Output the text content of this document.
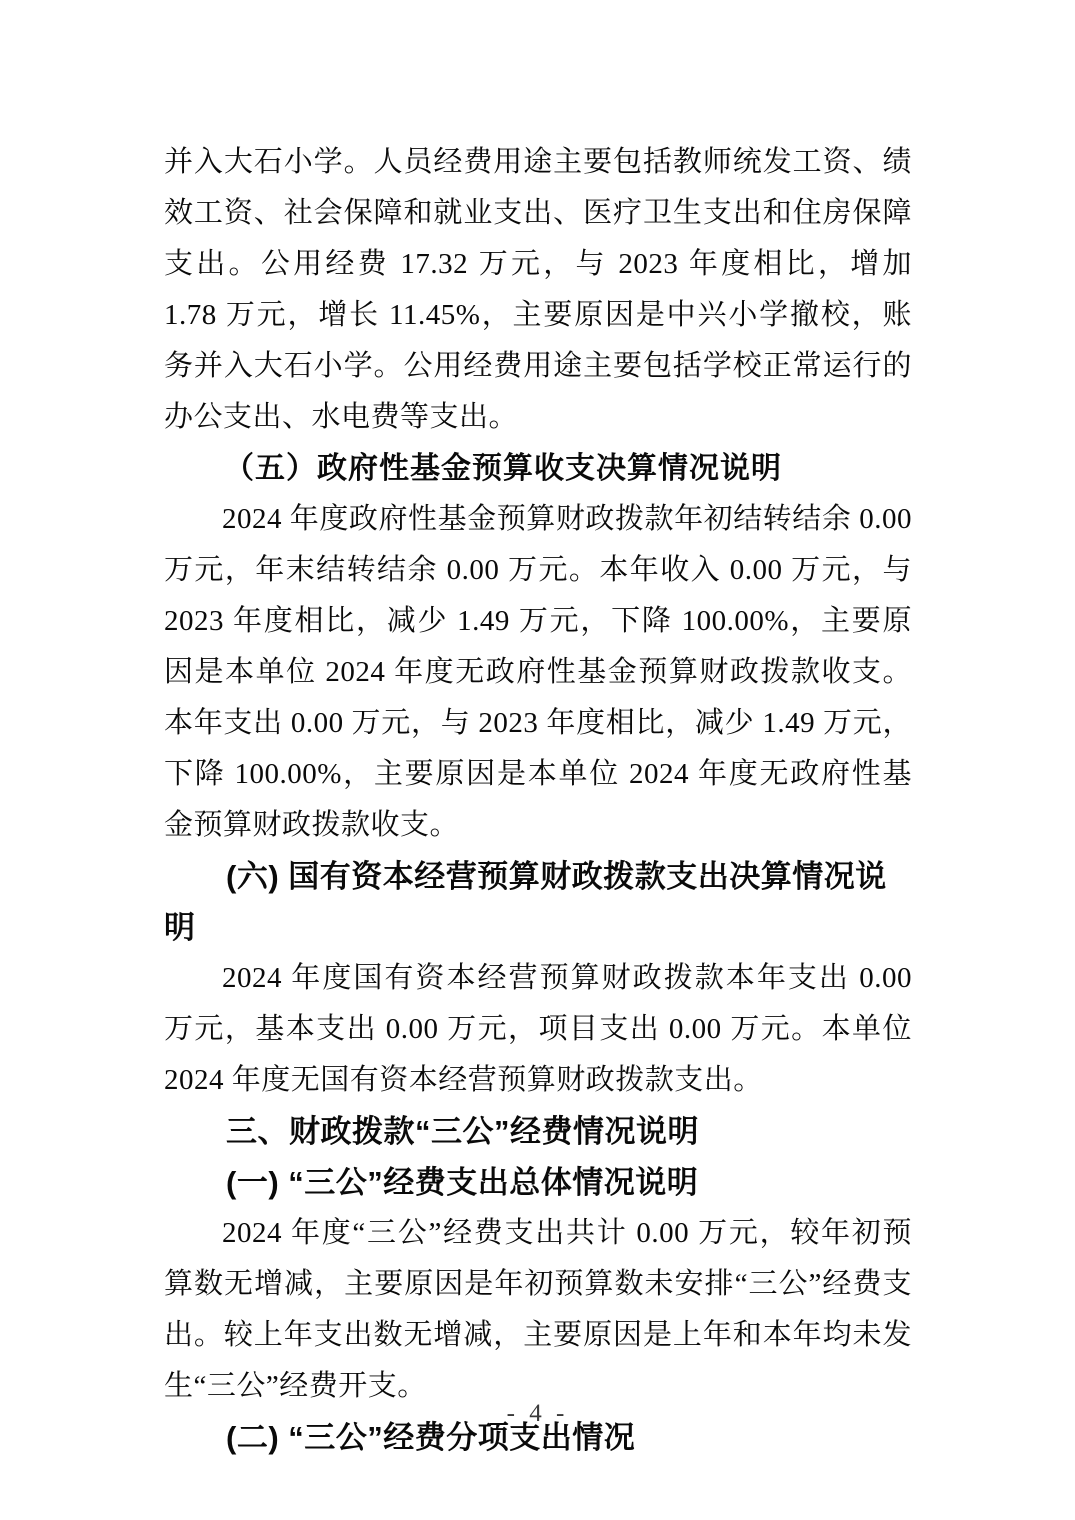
并入大石小学。人员经费用途主要包括教师统发工资、绩效工资、社会保障和就业支出、医疗卫生支出和住房保障支出。公用经费 17.32 万元，与 2023 年度相比，增加 1.78 万元，增长 11.45%，主要原因是中兴小学撤校，账务并入大石小学。公用经费用途主要包括学校正常运行的办公支出、水电费等支出。

（五）政府性基金预算收支决算情况说明

2024 年度政府性基金预算财政拨款年初结转结余 0.00 万元，年末结转结余 0.00 万元。本年收入 0.00 万元，与 2023 年度相比，减少 1.49 万元，下降 100.00%，主要原因是本单位 2024 年度无政府性基金预算财政拨款收支。本年支出 0.00 万元，与 2023 年度相比，减少 1.49 万元，下降 100.00%，主要原因是本单位 2024 年度无政府性基金预算财政拨款收支。

(六) 国有资本经营预算财政拨款支出决算情况说明

2024 年度国有资本经营预算财政拨款本年支出 0.00 万元，基本支出 0.00 万元，项目支出 0.00 万元。本单位 2024 年度无国有资本经营预算财政拨款支出。

三、财政拨款“三公”经费情况说明

(一) “三公”经费支出总体情况说明

2024 年度“三公”经费支出共计 0.00 万元，较年初预算数无增减，主要原因是年初预算数未安排“三公”经费支出。较上年支出数无增减，主要原因是上年和本年均未发生“三公”经费开支。

(二) “三公”经费分项支出情况

- 4 -
